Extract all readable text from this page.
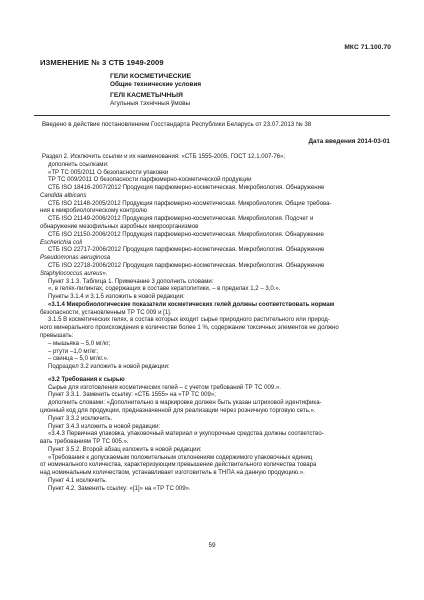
МКС 71.100.70
ИЗМЕНЕНИЕ № 3 СТБ 1949-2009
ГЕЛИ КОСМЕТИЧЕСКИЕ
Общие технические условия
ГЕЛІ КАСМЕТЫЧНЫЯ
Агульныя тэхнічныя ўмовы
Введено в действие постановлением Госстандарта Республики Беларусь от 23.07.2013 № 38
Дата введения 2014-03-01

Раздел 2. Исключить ссылки и их наименования: «СТБ 1555-2005, ГОСТ 12.1.007-76»;

дополнить ссылками:

«ТР ТС 005/2011 О безопасности упаковки

ТР ТС 009/2011 О безопасности парфюмерно-косметической продукции

СТБ ISO 18416-2007/2012 Продукция парфюмерно-косметическая. Микробиология. Обнаружение

Candida albicans

СТБ ISO 21148-2005/2012 Продукция парфюмерно-косметическая. Микробиология. Общие требова-

ния к микробиологическому контролю

СТБ ISO 21149-2006/2012 Продукция парфюмерно-косметическая. Микробиология. Подсчет и

обнаружение мезофильных аэробных микроорганизмов

СТБ ISO 21150-2006/2012 Продукция парфюмерно-косметическая. Микробиология. Обнаружение

Escherichia coli

СТБ ISO 22717-2006/2012 Продукция парфюмерно-косметическая. Микробиология. Обнаружение

Pseudomonas aeruginosa

СТБ ISO 22718-2006/2012 Продукция парфюмерно-косметическая. Микробиология. Обнаружение

Staphylococcus aureus».

Пункт 3.1.3. Таблица 1. Примечание 3 дополнить словами:

«, в гелях-пилингах, содержащих в составе кератолитики, – в пределах 1,2 – 3,0.».

Пункты 3.1.4 и 3.1.5 изложить в новой редакции:

«3.1.4 Микробиологические показатели косметических гелей должны соответствовать нормам

безопасности, установленным ТР ТС 009 и [1].

3.1.5 В косметических гелях, в состав которых входит сырье природного растительного или природ-

ного минерального происхождения в количестве более 1 %, содержание токсичных элементов не должно

превышать:

– мышьяка – 5,0 мг/кг;

– ртути –1,0 мг/кг;

– свинца – 5,0 мг/кг.».

Подраздел 3.2 изложить в новой редакции:

«3.2 Требования к сырью

Сырье для изготовления косметических гелей – с учетом требований ТР ТС 009.».

Пункт 3.3.1. Заменить ссылку: «СТБ 1555» на «ТР ТС 009»;

дополнить словами: «Дополнительно в маркировке должен быть указан штриховой идентифика-

ционный код для продукции, предназначенной для реализации через розничную торговую сеть.».

Пункт 3.3.2 исключить.

Пункт 3.4.3 изложить в новой редакции:

«3.4.3 Первичная упаковка, упаковочный материал и укупорочные средства должны соответство-

вать требованиям ТР ТС 005.».

Пункт 3.5.2. Второй абзац изложить в новой редакции:

«Требования к допускаемым положительным отклонениям содержимого упаковочных единиц

от номинального количества, характеризующим превышение действительного количества товара

над номинальным количеством, устанавливает изготовитель в ТНПА на данную продукцию.».

Пункт 4.1 исключить.

Пункт 4.2. Заменить ссылку: «[1]» на «ТР ТС 009».

59
